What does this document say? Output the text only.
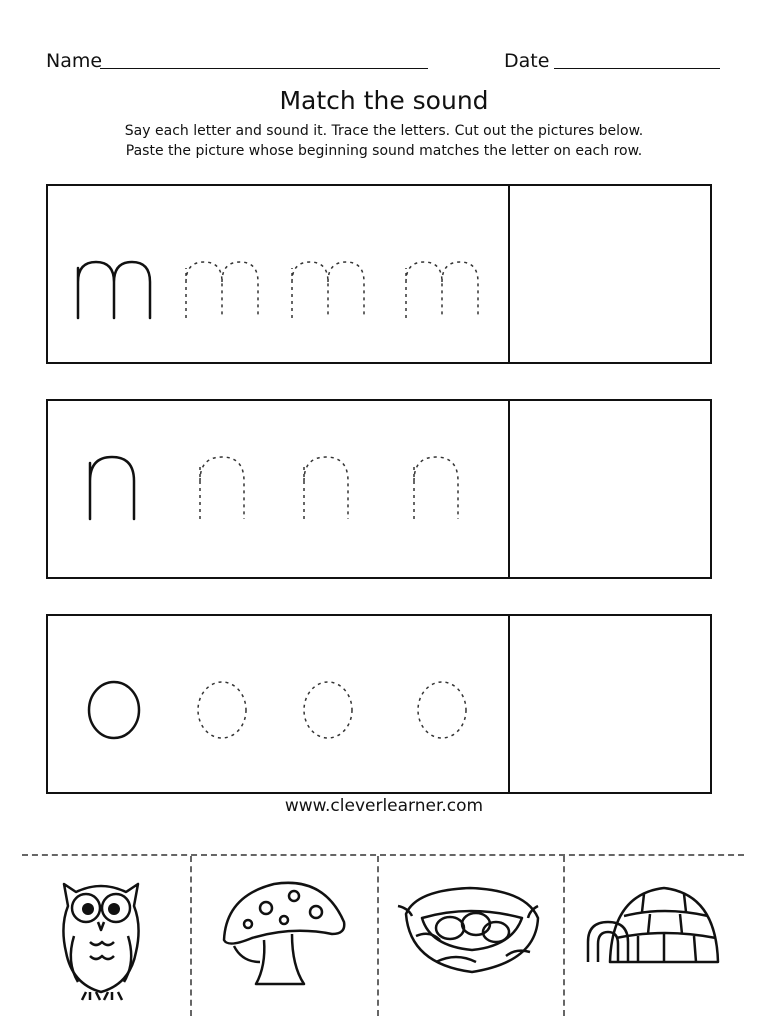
Name	Date
Match the sound
Say each letter and sound it. Trace the letters. Cut out the pictures below.
Paste the picture whose beginning sound matches the letter on each row.
www.cleverlearner.com
